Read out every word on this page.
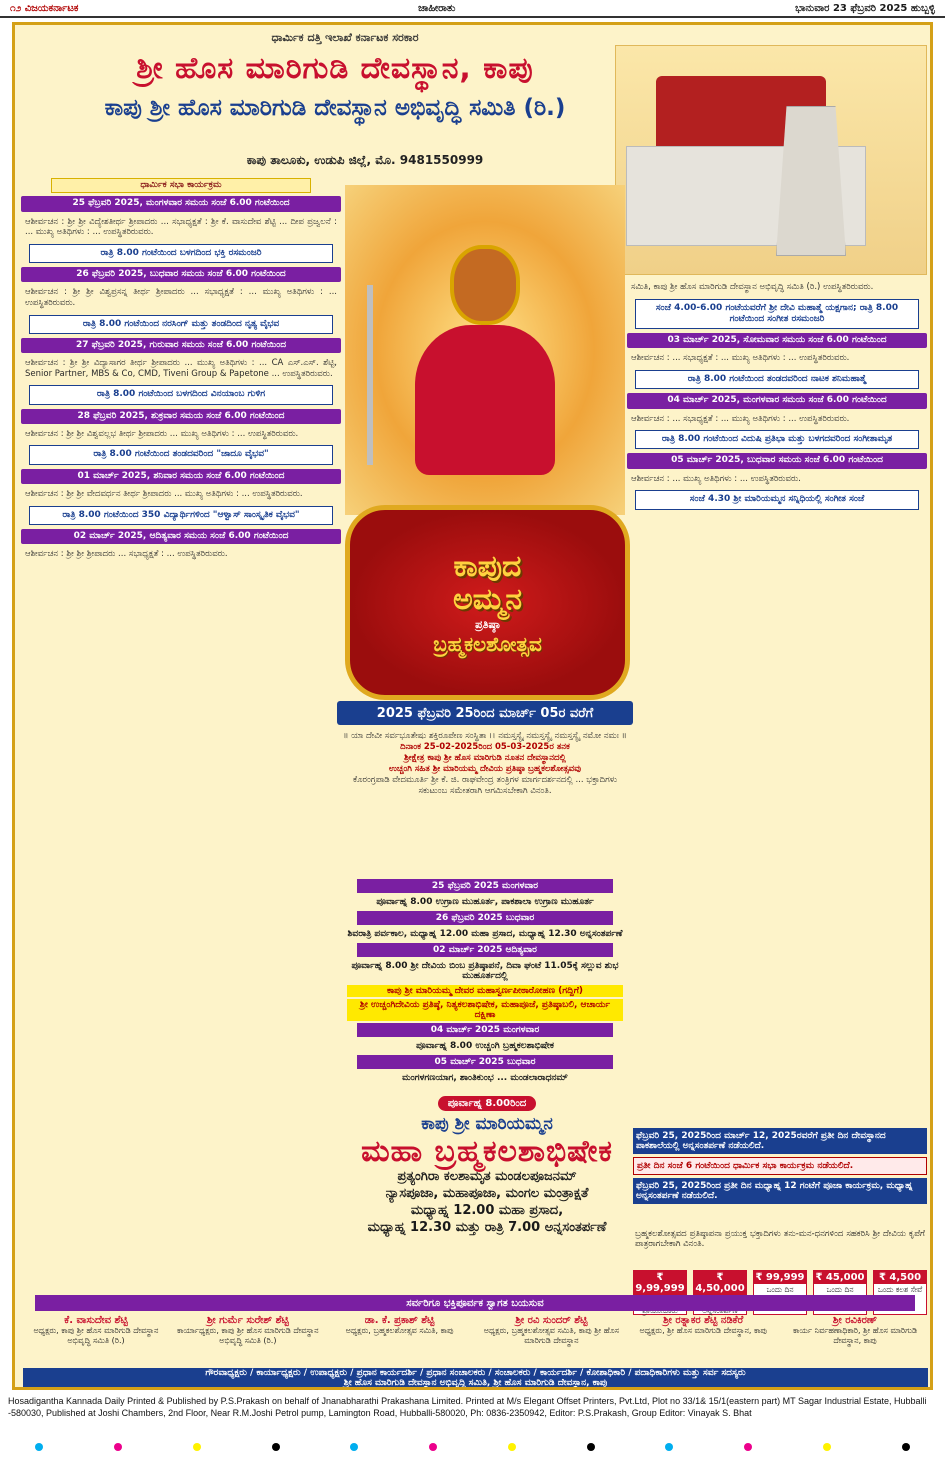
೧೨ ವಿಜಯಕರ್ನಾಟಕ	ಜಾಹೀರಾತು	ಭಾನುವಾರ 23 ಫೆಬ್ರವರಿ 2025 ಹುಬ್ಬಳ್ಳಿ
ಧಾರ್ಮಿಕ ದತ್ತಿ ಇಲಾಖೆ ಕರ್ನಾಟಕ ಸರಕಾರ
ಶ್ರೀ ಹೊಸ ಮಾರಿಗುಡಿ ದೇವಸ್ಥಾನ, ಕಾಪು
ಕಾಪು ಶ್ರೀ ಹೊಸ ಮಾರಿಗುಡಿ ದೇವಸ್ಥಾನ ಅಭಿವೃದ್ಧಿ ಸಮಿತಿ (ರಿ.)
ಕಾಪು ತಾಲೂಕು, ಉಡುಪಿ ಜಿಲ್ಲೆ, ಮೊ. 9481550999
ಧಾರ್ಮಿಕ ಸಭಾ ಕಾರ್ಯಕ್ರಮ
25 ಫೆಬ್ರವರಿ 2025, ಮಂಗಳವಾರ ಸಮಯ ಸಂಜೆ 6.00 ಗಂಟೆಯಿಂದ
ಆಶೀರ್ವಚನ : ಶ್ರೀ ಶ್ರೀ ವಿದ್ಯೇಶತೀರ್ಥ ಶ್ರೀಪಾದರು ... ಸಭಾಧ್ಯಕ್ಷತೆ : ಶ್ರೀ ಕೆ. ವಾಸುದೇವ ಶೆಟ್ಟಿ ... ದೀಪ ಪ್ರಜ್ವಲನೆ : ... ಮುಖ್ಯ ಅತಿಥಿಗಳು : ... ಉಪಸ್ಥಿತರಿರುವರು.
ರಾತ್ರಿ 8.00 ಗಂಟೆಯಿಂದ ಬಳಗದಿಂದ ಭಕ್ತಿ ರಸಮಂಜರಿ
26 ಫೆಬ್ರವರಿ 2025, ಬುಧವಾರ ಸಮಯ ಸಂಜೆ 6.00 ಗಂಟೆಯಿಂದ
ಆಶೀರ್ವಚನ : ಶ್ರೀ ಶ್ರೀ ವಿಶ್ವಪ್ರಸನ್ನ ತೀರ್ಥ ಶ್ರೀಪಾದರು ... ಸಭಾಧ್ಯಕ್ಷತೆ : ... ಮುಖ್ಯ ಅತಿಥಿಗಳು : ... ಉಪಸ್ಥಿತರಿರುವರು.
ರಾತ್ರಿ 8.00 ಗಂಟೆಯಿಂದ ನರಸಿಂಗ್ ಮತ್ತು ತಂಡದಿಂದ ನೃತ್ಯ ವೈಭವ
27 ಫೆಬ್ರವರಿ 2025, ಗುರುವಾರ ಸಮಯ ಸಂಜೆ 6.00 ಗಂಟೆಯಿಂದ
ಆಶೀರ್ವಚನ : ಶ್ರೀ ಶ್ರೀ ವಿದ್ಯಾಸಾಗರ ತೀರ್ಥ ಶ್ರೀಪಾದರು ... ಮುಖ್ಯ ಅತಿಥಿಗಳು : ... CA ಎಸ್.ಎಸ್. ಶೆಟ್ಟಿ, Senior Partner, MBS & Co, CMD, Tiveni Group & Papetone ... ಉಪಸ್ಥಿತರಿರುವರು.
ರಾತ್ರಿ 8.00 ಗಂಟೆಯಿಂದ ಬಳಗದಿಂದ ವಿನಯಾಂಬ ಗುಳಿಗ
28 ಫೆಬ್ರವರಿ 2025, ಶುಕ್ರವಾರ ಸಮಯ ಸಂಜೆ 6.00 ಗಂಟೆಯಿಂದ
ಆಶೀರ್ವಚನ : ಶ್ರೀ ಶ್ರೀ ವಿಶ್ವವಲ್ಲಭ ತೀರ್ಥ ಶ್ರೀಪಾದರು ... ಮುಖ್ಯ ಅತಿಥಿಗಳು : ... ಉಪಸ್ಥಿತರಿರುವರು.
ರಾತ್ರಿ 8.00 ಗಂಟೆಯಿಂದ ತಂಡದವರಿಂದ "ಜಾದೂ ವೈಭವ"
01 ಮಾರ್ಚ್ 2025, ಶನಿವಾರ ಸಮಯ ಸಂಜೆ 6.00 ಗಂಟೆಯಿಂದ
ಆಶೀರ್ವಚನ : ಶ್ರೀ ಶ್ರೀ ವೇದವರ್ಧನ ತೀರ್ಥ ಶ್ರೀಪಾದರು ... ಮುಖ್ಯ ಅತಿಥಿಗಳು : ... ಉಪಸ್ಥಿತರಿರುವರು.
ರಾತ್ರಿ 8.00 ಗಂಟೆಯಿಂದ 350 ವಿದ್ಯಾರ್ಥಿಗಳಿಂದ "ಆಳ್ವಾಸ್ ಸಾಂಸ್ಕೃತಿಕ ವೈಭವ"
02 ಮಾರ್ಚ್ 2025, ಆದಿತ್ಯವಾರ ಸಮಯ ಸಂಜೆ 6.00 ಗಂಟೆಯಿಂದ
ಆಶೀರ್ವಚನ : ಶ್ರೀ ಶ್ರೀ ಶ್ರೀಪಾದರು ... ಸಭಾಧ್ಯಕ್ಷತೆ : ... ಉಪಸ್ಥಿತರಿರುವರು.	ಕಾಪುದ
ಅಮ್ಮನ
ಪ್ರತಿಷ್ಠಾ
ಬ್ರಹ್ಮಕಲಶೋತ್ಸವ
2025 ಫೆಬ್ರವರಿ 25ರಿಂದ ಮಾರ್ಚ್ 05ರ ವರೆಗೆ
॥ ಯಾ ದೇವೀ ಸರ್ವಭೂತೇಷು ಶಕ್ತಿರೂಪೇಣ ಸಂಸ್ಥಿತಾ ।। ನಮಸ್ತಸ್ಯೈ ನಮಸ್ತಸ್ಯೈ ನಮಸ್ತಸ್ಯೈ ನಮೋ ನಮಃ ॥
ದಿನಾಂಕ 25-02-2025ರಿಂದ 05-03-2025ರ ತನಕ
ಶ್ರೀಕ್ಷೇತ್ರ ಕಾಪು ಶ್ರೀ ಹೊಸ ಮಾರಿಗುಡಿ ನೂತನ ದೇವಸ್ಥಾನದಲ್ಲಿ
ಉಚ್ಚಂಗಿ ಸಹಿತ ಶ್ರೀ ಮಾರಿಯಮ್ಮ ದೇವಿಯ ಪ್ರತಿಷ್ಠಾ ಬ್ರಹ್ಮಕಲಶೋತ್ಸವವು
ಕೊರಂಗ್ರಪಾಡಿ ವೇದಮೂರ್ತಿ ಶ್ರೀ ಕೆ. ಜಿ. ರಾಘವೇಂದ್ರ ತಂತ್ರಿಗಳ ಮಾರ್ಗದರ್ಶನದಲ್ಲಿ ... ಭಕ್ತಾದಿಗಳು ಸಕುಟುಂಬ ಸಮೇತರಾಗಿ ಆಗಮಿಸಬೇಕಾಗಿ ವಿನಂತಿ.
25 ಫೆಬ್ರವರಿ 2025 ಮಂಗಳವಾರ
ಪೂರ್ವಾಹ್ನ 8.00 ಉಗ್ರಾಣ ಮುಹೂರ್ತ, ಪಾಕಶಾಲಾ ಉಗ್ರಾಣ ಮುಹೂರ್ತ
26 ಫೆಬ್ರವರಿ 2025 ಬುಧವಾರ
ಶಿವರಾತ್ರಿ ಪರ್ವಕಾಲ, ಮಧ್ಯಾಹ್ನ 12.00 ಮಹಾ ಪ್ರಸಾದ, ಮಧ್ಯಾಹ್ನ 12.30 ಅನ್ನಸಂತರ್ಪಣೆ
02 ಮಾರ್ಚ್ 2025 ಆದಿತ್ಯವಾರ
ಪೂರ್ವಾಹ್ನ 8.00 ಶ್ರೀ ದೇವಿಯ ಬಿಂಬ ಪ್ರತಿಷ್ಠಾಪನೆ, ದಿವಾ ಘಂಟೆ 11.05ಕ್ಕೆ ಸಲ್ಲುವ ಶುಭ ಮುಹೂರ್ತದಲ್ಲಿ
ಕಾಪು ಶ್ರೀ ಮಾರಿಯಮ್ಮ ದೇವರ ಮಹಾಸ್ವರ್ಣಪೀಠಾರೋಹಣ (ಗದ್ದಿಗೆ)
ಶ್ರೀ ಉಚ್ಚಂಗಿದೇವಿಯ ಪ್ರತಿಷ್ಠೆ, ನಿತ್ಯಕಲಶಾಭಿಷೇಕ, ಮಹಾಪೂಜೆ, ಪ್ರತಿಷ್ಠಾಬಲಿ, ಆಚಾರ್ಯ ದಕ್ಷಿಣಾ
04 ಮಾರ್ಚ್ 2025 ಮಂಗಳವಾರ
ಪೂರ್ವಾಹ್ನ 8.00 ಉಚ್ಚಂಗಿ ಬ್ರಹ್ಮಕಲಶಾಭಿಷೇಕ
05 ಮಾರ್ಚ್ 2025 ಬುಧವಾರ
ಮಂಗಳಗಣಯಾಗ, ಶಾಂತಿಕುಂಭ ... ಮಂಡಲಾರಾಧನಮ್
ಪೂರ್ವಾಹ್ನ 8.00ರಿಂದ
ಕಾಪು ಶ್ರೀ ಮಾರಿಯಮ್ಮನ
ಮಹಾ ಬ್ರಹ್ಮಕಲಶಾಭಿಷೇಕ
ಪ್ರತ್ಯಂಗಿರಾ ಕಲಶಾಮೃತ ಮಂಡಲಪೂಜನಮ್
ನ್ಯಾಸಪೂಜಾ, ಮಹಾಪೂಜಾ, ಮಂಗಲ ಮಂತ್ರಾಕ್ಷತೆ
ಮಧ್ಯಾಹ್ನ 12.00 ಮಹಾ ಪ್ರಸಾದ,
ಮಧ್ಯಾಹ್ನ 12.30 ಮತ್ತು ರಾತ್ರಿ 7.00 ಅನ್ನಸಂತರ್ಪಣೆ
ಸಮಿತಿ, ಕಾಪು ಶ್ರೀ ಹೊಸ ಮಾರಿಗುಡಿ ದೇವಸ್ಥಾನ ಅಭಿವೃದ್ಧಿ ಸಮಿತಿ (ರಿ.) ಉಪಸ್ಥಿತರಿರುವರು.
ಸಂಜೆ 4.00-6.00 ಗಂಟೆಯವರೆಗೆ ಶ್ರೀ ದೇವಿ ಮಹಾತ್ಮೆ ಯಕ್ಷಗಾನ; ರಾತ್ರಿ 8.00 ಗಂಟೆಯಿಂದ ಸಂಗೀತ ರಸಮಂಜರಿ
03 ಮಾರ್ಚ್ 2025, ಸೋಮವಾರ ಸಮಯ ಸಂಜೆ 6.00 ಗಂಟೆಯಿಂದ
ಆಶೀರ್ವಚನ : ... ಸಭಾಧ್ಯಕ್ಷತೆ : ... ಮುಖ್ಯ ಅತಿಥಿಗಳು : ... ಉಪಸ್ಥಿತರಿರುವರು.
ರಾತ್ರಿ 8.00 ಗಂಟೆಯಿಂದ ತಂಡದವರಿಂದ ನಾಟಕ ಶನಿಮಹಾತ್ಮೆ
04 ಮಾರ್ಚ್ 2025, ಮಂಗಳವಾರ ಸಮಯ ಸಂಜೆ 6.00 ಗಂಟೆಯಿಂದ
ಆಶೀರ್ವಚನ : ... ಸಭಾಧ್ಯಕ್ಷತೆ : ... ಮುಖ್ಯ ಅತಿಥಿಗಳು : ... ಉಪಸ್ಥಿತರಿರುವರು.
ರಾತ್ರಿ 8.00 ಗಂಟೆಯಿಂದ ವಿದುಷಿ ಪ್ರತಿಭಾ ಮತ್ತು ಬಳಗದವರಿಂದ ಸಂಗೀತಾಮೃತ
05 ಮಾರ್ಚ್ 2025, ಬುಧವಾರ ಸಮಯ ಸಂಜೆ 6.00 ಗಂಟೆಯಿಂದ
ಆಶೀರ್ವಚನ : ... ಮುಖ್ಯ ಅತಿಥಿಗಳು : ... ಉಪಸ್ಥಿತರಿರುವರು.
ಸಂಜೆ 4.30 ಶ್ರೀ ಮಾರಿಯಮ್ಮನ ಸನ್ನಿಧಿಯಲ್ಲಿ ಸಂಗೀತ ಸಂಜೆ
ಫೆಬ್ರವರಿ 25, 2025ರಿಂದ ಮಾರ್ಚ್ 12, 2025ರವರೆಗೆ ಪ್ರತೀ ದಿನ ದೇವಸ್ಥಾನದ ಪಾಕಶಾಲೆಯಲ್ಲಿ ಅನ್ನಸಂತರ್ಪಣೆ ನಡೆಯಲಿದೆ.
ಪ್ರತೀ ದಿನ ಸಂಜೆ 6 ಗಂಟೆಯಿಂದ ಧಾರ್ಮಿಕ ಸಭಾ ಕಾರ್ಯಕ್ರಮ ನಡೆಯಲಿದೆ.
ಫೆಬ್ರವರಿ 25, 2025ರಿಂದ ಪ್ರತೀ ದಿನ ಮಧ್ಯಾಹ್ನ 12 ಗಂಟೆಗೆ ಪೂಜಾ ಕಾರ್ಯಕ್ರಮ, ಮಧ್ಯಾಹ್ನ ಅನ್ನಸಂತರ್ಪಣೆ ನಡೆಯಲಿದೆ.
ಬ್ರಹ್ಮಕಲಶೋತ್ಸವದ ಪ್ರತಿಷ್ಠಾಪನಾ ಪ್ರಯುಕ್ತ ಭಕ್ತಾದಿಗಳು ತನು-ಮನ-ಧನಗಳಿಂದ ಸಹಕರಿಸಿ ಶ್ರೀ ದೇವಿಯ ಕೃಪೆಗೆ ಪಾತ್ರರಾಗಬೇಕಾಗಿ ವಿನಂತಿ.
₹ 9,99,999
₹ 4,50,000
₹ 99,999
ಒಂದು ದಿನ
₹ 45,000
ಒಂದು ದಿನ
₹ 4,500
ಒಂದು ಕಲಶ ಸೇವೆ
ಸರ್ವರಿಗೂ ಭಕ್ತಿಪೂರ್ವಕ ಸ್ವಾಗತ ಬಯಸುವ
ಕೆ. ವಾಸುದೇವ ಶೆಟ್ಟಿ
ಅಧ್ಯಕ್ಷರು, ಕಾಪು ಶ್ರೀ ಹೊಸ ಮಾರಿಗುಡಿ ದೇವಸ್ಥಾನ ಅಭಿವೃದ್ಧಿ ಸಮಿತಿ (ರಿ.)
ಶ್ರೀ ಗುರ್ಮೆ ಸುರೇಶ್ ಶೆಟ್ಟಿ
ಕಾರ್ಯಾಧ್ಯಕ್ಷರು, ಕಾಪು ಶ್ರೀ ಹೊಸ ಮಾರಿಗುಡಿ ದೇವಸ್ಥಾನ ಅಭಿವೃದ್ಧಿ ಸಮಿತಿ (ರಿ.)
ಡಾ. ಕೆ. ಪ್ರಕಾಶ್ ಶೆಟ್ಟಿ
ಅಧ್ಯಕ್ಷರು, ಬ್ರಹ್ಮಕಲಶೋತ್ಸವ ಸಮಿತಿ, ಕಾಪು
ಶ್ರೀ ರವಿ ಸುಂದರ್ ಶೆಟ್ಟಿ
ಅಧ್ಯಕ್ಷರು, ಬ್ರಹ್ಮಕಲಶೋತ್ಸವ ಸಮಿತಿ, ಕಾಪು ಶ್ರೀ ಹೊಸ ಮಾರಿಗುಡಿ ದೇವಸ್ಥಾನ
ಶ್ರೀ ರತ್ನಾಕರ ಶೆಟ್ಟಿ ನಡಿಕೆರೆ
ಅಧ್ಯಕ್ಷರು, ಶ್ರೀ ಹೊಸ ಮಾರಿಗುಡಿ ದೇವಸ್ಥಾನ, ಕಾಪು
ಶ್ರೀ ರವಿಕಿರಣ್
ಕಾರ್ಯ ನಿರ್ವಹಣಾಧಿಕಾರಿ, ಶ್ರೀ ಹೊಸ ಮಾರಿಗುಡಿ ದೇವಸ್ಥಾನ, ಕಾಪು
ಗೌರವಾಧ್ಯಕ್ಷರು / ಕಾರ್ಯಾಧ್ಯಕ್ಷರು / ಉಪಾಧ್ಯಕ್ಷರು / ಪ್ರಧಾನ ಕಾರ್ಯದರ್ಶಿ / ಪ್ರಧಾನ ಸಂಚಾಲಕರು / ಸಂಚಾಲಕರು / ಕಾರ್ಯದರ್ಶಿ / ಕೋಶಾಧಿಕಾರಿ / ಪದಾಧಿಕಾರಿಗಳು ಮತ್ತು ಸರ್ವ ಸದಸ್ಯರು
ಶ್ರೀ ಹೊಸ ಮಾರಿಗುಡಿ ದೇವಸ್ಥಾನ ಅಭಿವೃದ್ಧಿ ಸಮಿತಿ, ಶ್ರೀ ಹೊಸ ಮಾರಿಗುಡಿ ದೇವಸ್ಥಾನ, ಕಾಪು
Hosadigantha Kannada Daily Printed & Published by P.S.Prakash on behalf of Jnanabharathi Prakashana Limited. Printed at M/s Elegant Offset Printers, Pvt.Ltd, Plot no 33/1& 15/1(eastern part) MT Sagar Industrial Estate, Hubballi -580030, Published at Joshi Chambers, 2nd Floor, Near R.M.Joshi Petrol pump, Lamington Road, Hubballi-580020, Ph: 0836-2350942, Editor: P.S.Prakash, Group Editor: Vinayak S. Bhat
